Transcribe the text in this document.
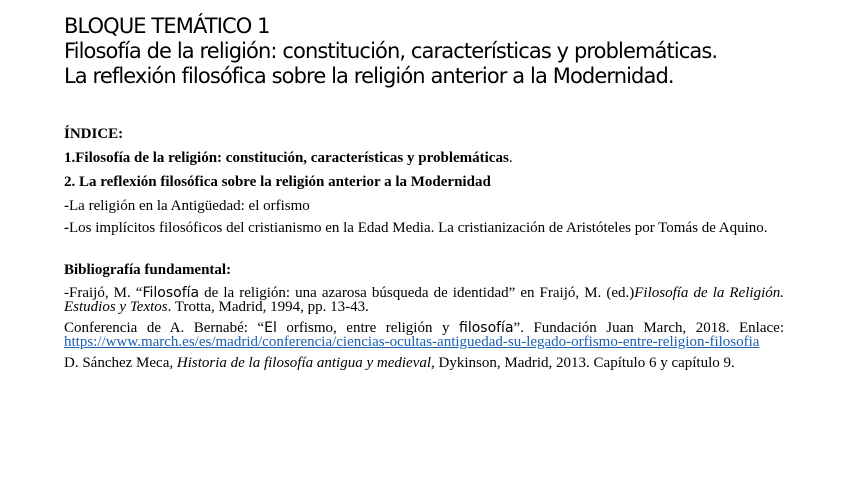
BLOQUE TEMÁTICO 1
Filosofía de la religión: constitución, características y problemáticas.
La reflexión filosófica sobre la religión anterior a la Modernidad.

ÍNDICE:

1.Filosofía de la religión: constitución, características y problemáticas.

2. La reflexión filosófica sobre la religión anterior a la Modernidad

-La religión en la Antigüedad: el orfismo

-Los implícitos filosóficos del cristianismo en la Edad Media. La cristianización de Aristóteles por Tomás de Aquino.

Bibliografía fundamental:

-Fraijó, M. “Filosofía de la religión: una azarosa búsqueda de identidad” en Fraijó, M. (ed.)Filosofía de la Religión. Estudios y Textos. Trotta, Madrid, 1994, pp. 13-43.

Conferencia de A. Bernabé: “El orfismo, entre religión y filosofía”. Fundación Juan March, 2018. Enlace: https://www.march.es/es/madrid/conferencia/ciencias-ocultas-antiguedad-su-legado-orfismo-entre-religion-filosofia

D. Sánchez Meca, Historia de la filosofía antigua y medieval, Dykinson, Madrid, 2013. Capítulo 6 y capítulo 9.
